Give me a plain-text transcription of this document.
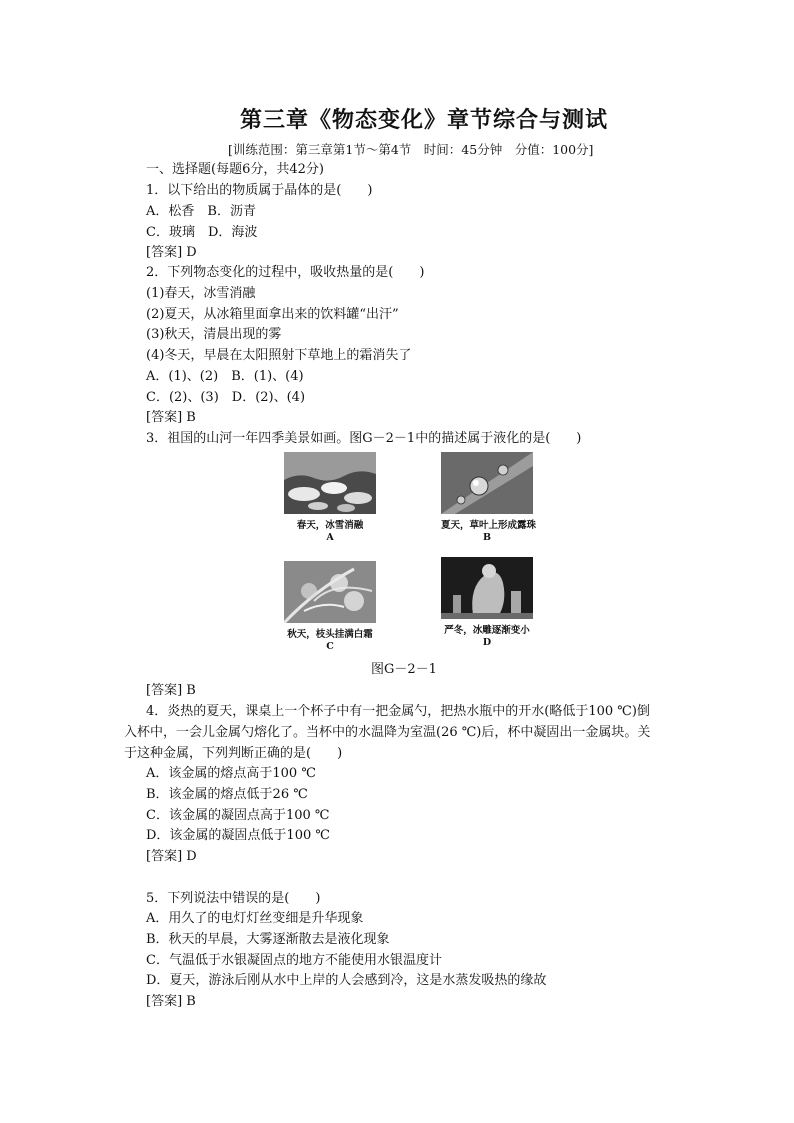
第三章《物态变化》章节综合与测试
[训练范围：第三章第1节～第4节　时间：45分钟　分值：100分]
一、选择题(每题6分，共42分)
1．以下给出的物质属于晶体的是(　　)
A．松香　B．沥青
C．玻璃　D．海波
[答案] D
2．下列物态变化的过程中，吸收热量的是(　　)
(1)春天，冰雪消融
(2)夏天，从冰箱里面拿出来的饮料罐“出汗”
(3)秋天，清晨出现的雾
(4)冬天，早晨在太阳照射下草地上的霜消失了
A．(1)、(2)　B．(1)、(4)
C．(2)、(3)　D．(2)、(4)
[答案] B
3．祖国的山河一年四季美景如画。图G－2－1中的描述属于液化的是(　　)
春天，冰雪消融
A
夏天，草叶上形成露珠
B
秋天，枝头挂满白霜
C
严冬，冰雕逐渐变小
D
图G－2－1
[答案] B
4．炎热的夏天，课桌上一个杯子中有一把金属勺，把热水瓶中的开水(略低于100 ℃)倒
入杯中，一会儿金属勺熔化了。当杯中的水温降为室温(26 ℃)后，杯中凝固出一金属块。关
于这种金属，下列判断正确的是(　　)
A．该金属的熔点高于100 ℃
B．该金属的熔点低于26 ℃
C．该金属的凝固点高于100 ℃
D．该金属的凝固点低于100 ℃
[答案] D
5．下列说法中错误的是(　　)
A．用久了的电灯灯丝变细是升华现象
B．秋天的早晨，大雾逐渐散去是液化现象
C．气温低于水银凝固点的地方不能使用水银温度计
D．夏天，游泳后刚从水中上岸的人会感到冷，这是水蒸发吸热的缘故
[答案] B
